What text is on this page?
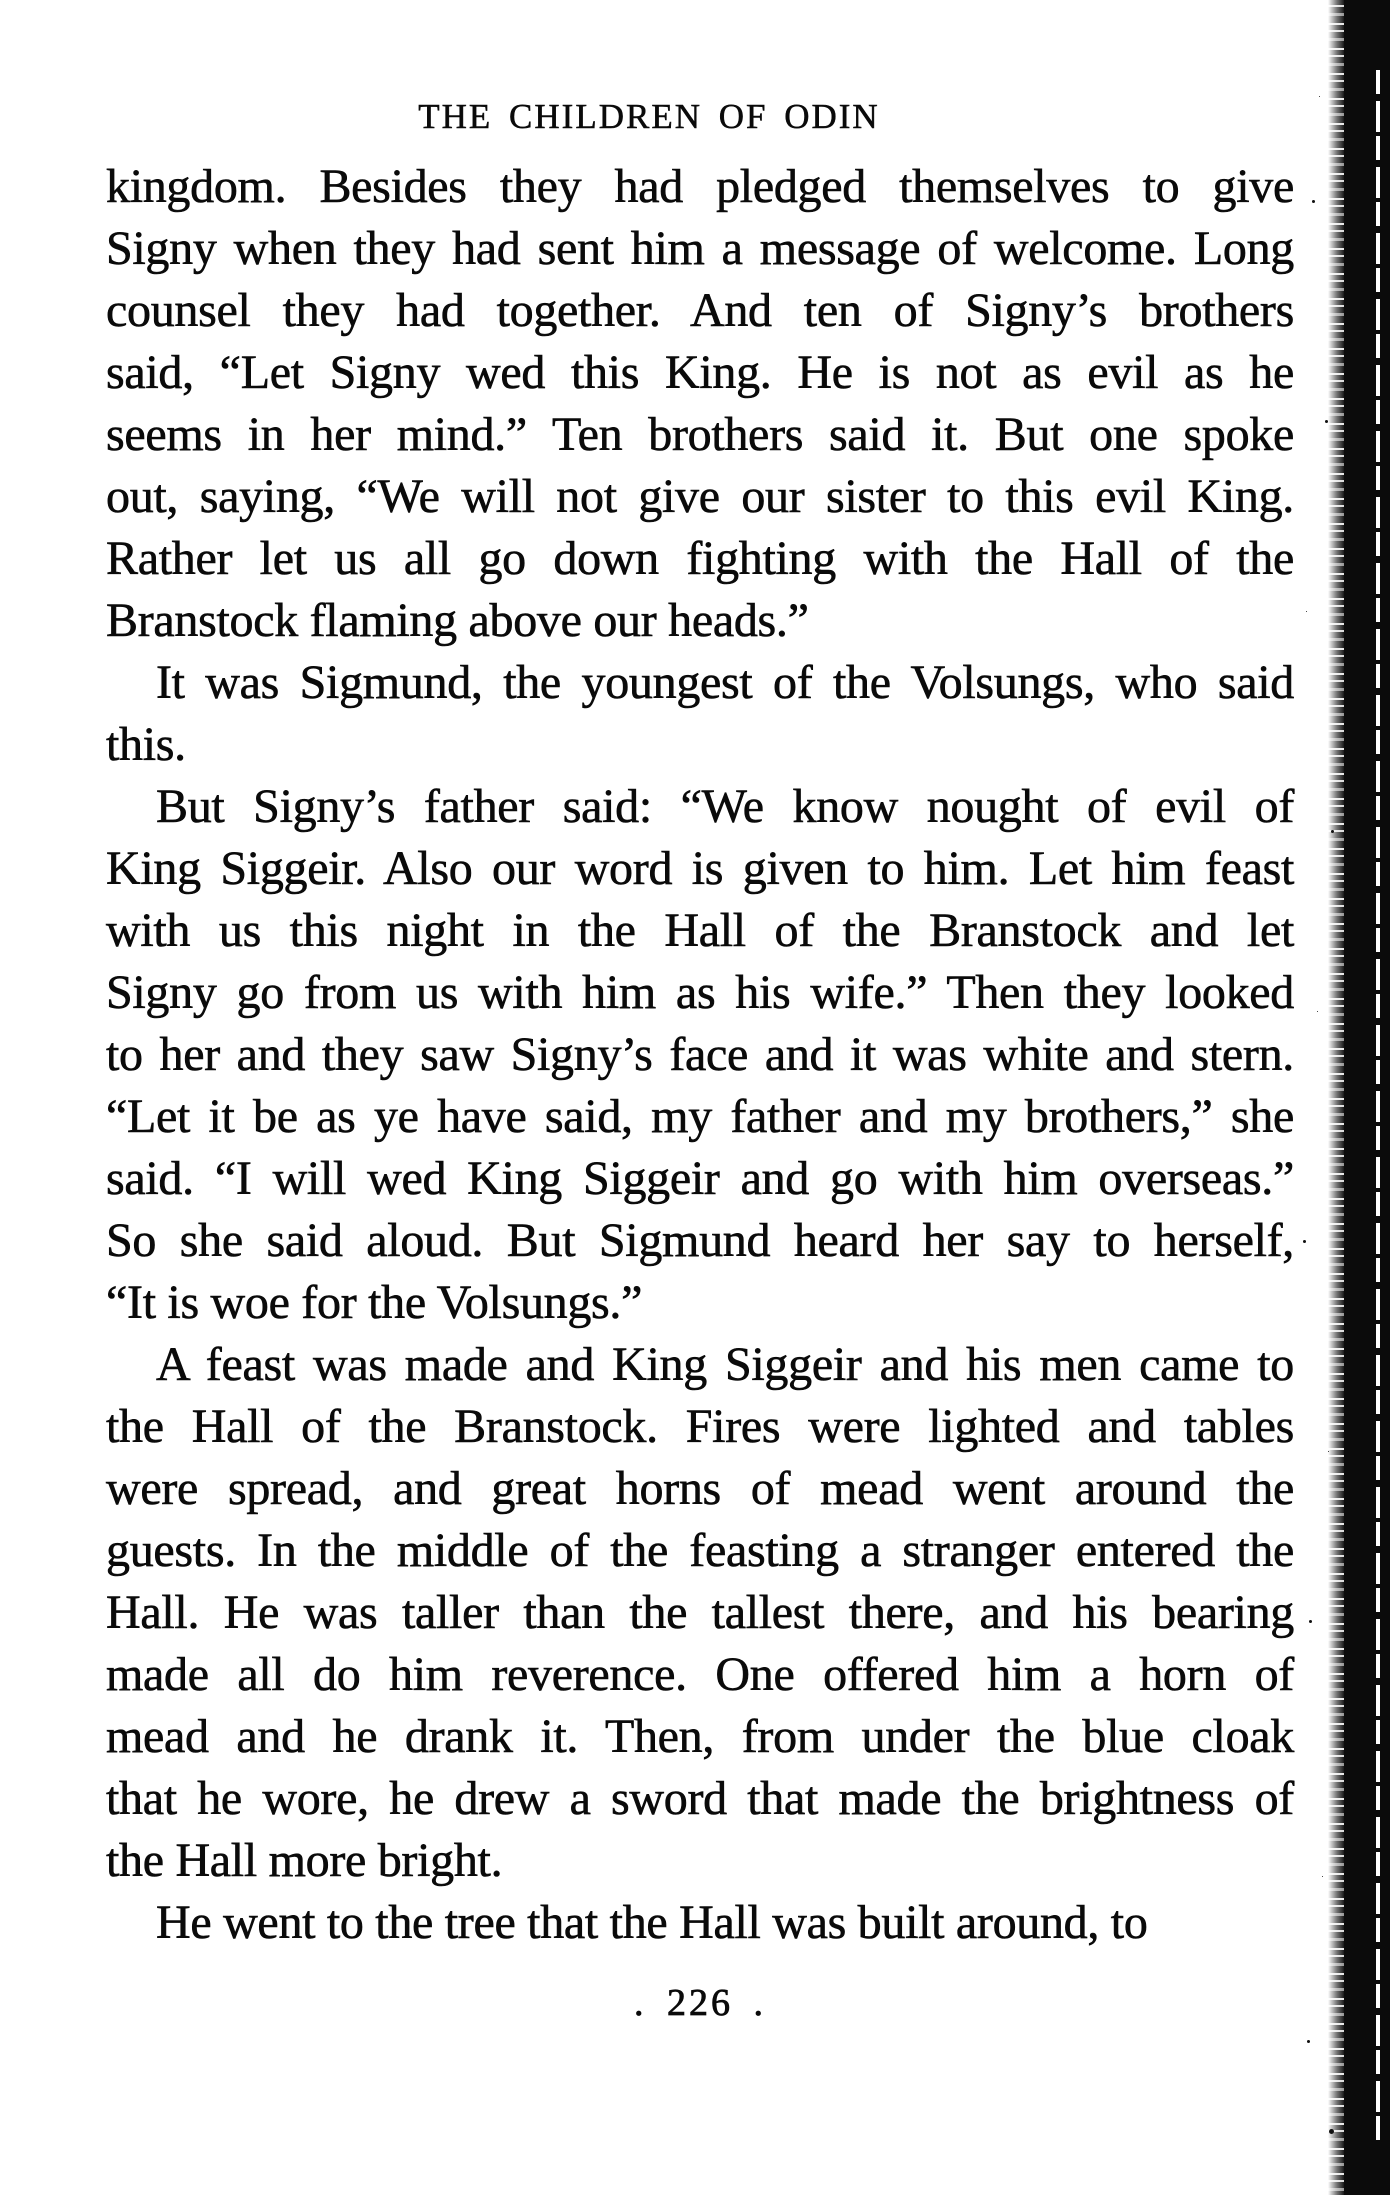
THE CHILDREN OF ODIN
kingdom. Besides they had pledged themselves to give
Signy when they had sent him a message of welcome. Long
counsel they had together. And ten of Signy’s brothers
said, “Let Signy wed this King. He is not as evil as he
seems in her mind.” Ten brothers said it. But one spoke
out, saying, “We will not give our sister to this evil King.
Rather let us all go down fighting with the Hall of the
Branstock flaming above our heads.”
It was Sigmund, the youngest of the Volsungs, who said
this.
But Signy’s father said: “We know nought of evil of
King Siggeir. Also our word is given to him. Let him feast
with us this night in the Hall of the Branstock and let
Signy go from us with him as his wife.” Then they looked
to her and they saw Signy’s face and it was white and stern.
“Let it be as ye have said, my father and my brothers,” she
said. “I will wed King Siggeir and go with him overseas.”
So she said aloud. But Sigmund heard her say to herself,
“It is woe for the Volsungs.”
A feast was made and King Siggeir and his men came to
the Hall of the Branstock. Fires were lighted and tables
were spread, and great horns of mead went around the
guests. In the middle of the feasting a stranger entered the
Hall. He was taller than the tallest there, and his bearing
made all do him reverence. One offered him a horn of
mead and he drank it. Then, from under the blue cloak
that he wore, he drew a sword that made the brightness of
the Hall more bright.
He went to the tree that the Hall was built around, to
. 226 .
